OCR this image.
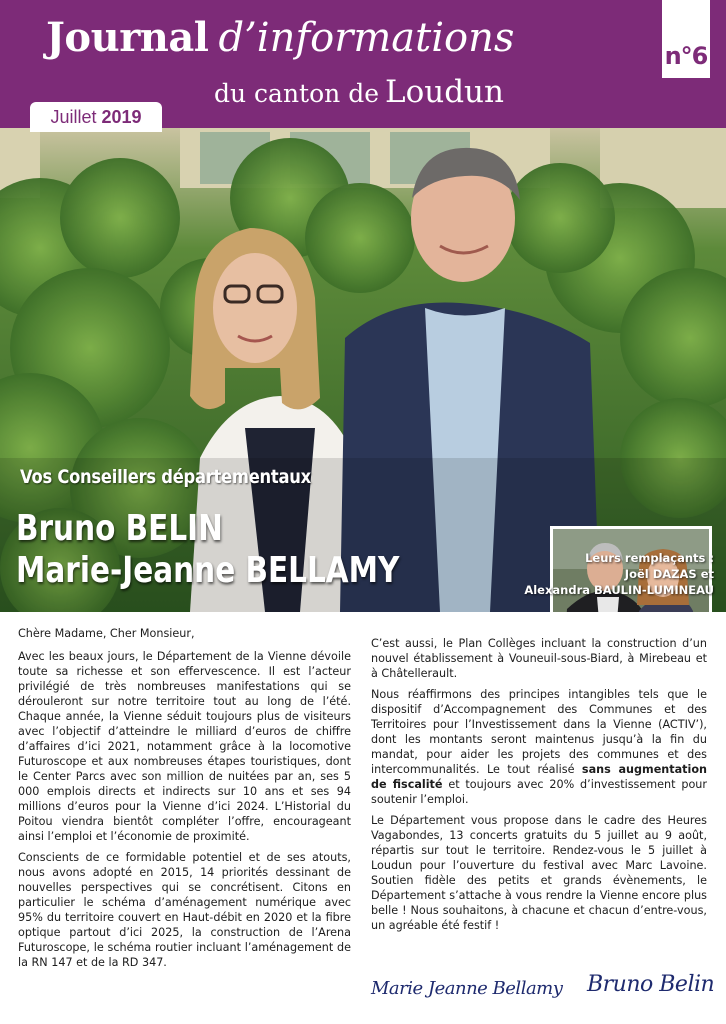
Journal d’informations
du canton de Loudun
n°6
Juillet 2019
Vos Conseillers départementaux
Bruno BELIN
Marie-Jeanne BELLAMY	Leurs remplaçants :
Joël DAZAS et
Alexandra BAULIN-LUMINEAU

Chère Madame, Cher Monsieur,

Avec les beaux jours, le Département de la Vienne dévoile toute sa richesse et son effervescence. Il est l’acteur privilégié de très nombreuses manifestations qui se dérouleront sur notre territoire tout au long de l’été. Chaque année, la Vienne séduit toujours plus de visiteurs avec l’objectif d’atteindre le milliard d’euros de chiffre d’affaires d’ici 2021, notamment grâce à la locomotive Futuroscope et aux nombreuses étapes touristiques, dont le Center Parcs avec son million de nuitées par an, ses 5 000 emplois directs et indirects sur 10 ans et ses 94 millions d’euros pour la Vienne d’ici 2024. L’Historial du Poitou viendra bientôt compléter l’offre, encourageant ainsi l’emploi et l’économie de proximité.

Conscients de ce formidable potentiel et de ses atouts, nous avons adopté en 2015, 14 priorités dessinant de nouvelles perspectives qui se concrétisent. Citons en particulier le schéma d’aménagement numérique avec 95% du territoire couvert en Haut-débit en 2020 et la fibre optique partout d’ici 2025, la construction de l’Arena Futuroscope, le schéma routier incluant l’aménagement de la RN 147 et de la RD 347.

C’est aussi, le Plan Collèges incluant la construction d’un nouvel établissement à Vouneuil-sous-Biard, à Mirebeau et à Châtellerault.

Nous réaffirmons des principes intangibles tels que le dispositif d’Accompagnement des Communes et des Territoires pour l’Investissement dans la Vienne (ACTIV’), dont les montants seront maintenus jusqu’à la fin du mandat, pour aider les projets des communes et des intercommunalités. Le tout réalisé sans augmentation de fiscalité et toujours avec 20% d’investissement pour soutenir l’emploi.

Le Département vous propose dans le cadre des Heures Vagabondes, 13 concerts gratuits du 5 juillet au 9 août, répartis sur tout le territoire. Rendez-vous le 5 juillet à Loudun pour l’ouverture du festival avec Marc Lavoine. Soutien fidèle des petits et grands évènements, le Département s’attache à vous rendre la Vienne encore plus belle ! Nous souhaitons, à chacune et chacun d’entre-vous, un agréable été festif !

Marie Jeanne Bellamy Bruno Belin
